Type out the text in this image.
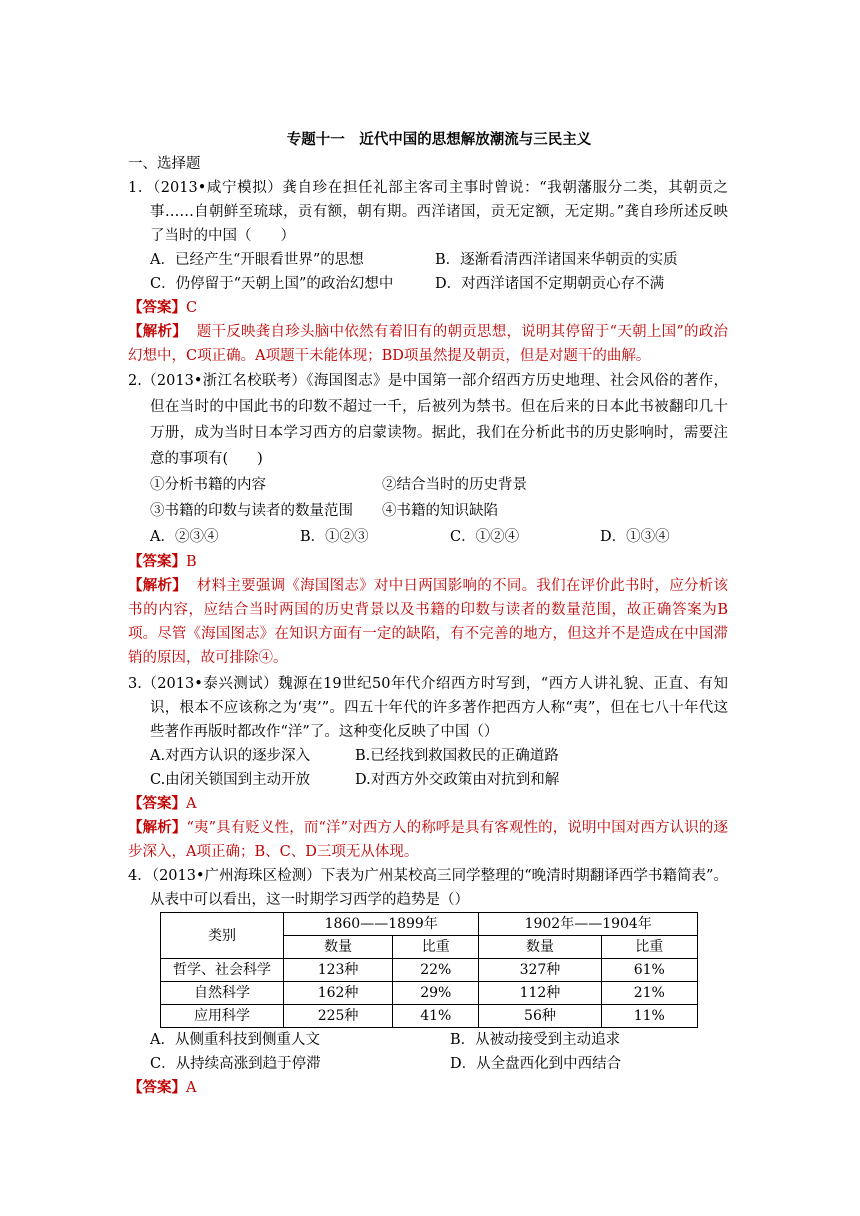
专题十一　近代中国的思想解放潮流与三民主义
一、选择题
1．（2013•咸宁模拟）龚自珍在担任礼部主客司主事时曾说：“我朝藩服分二类，其朝贡之事……自朝鲜至琉球，贡有额，朝有期。西洋诸国，贡无定额，无定期。”龚自珍所述反映了当时的中国（　　）
A．已经产生“开眼看世界”的思想	B．逐渐看清西洋诸国来华朝贡的实质
C．仍停留于“天朝上国”的政治幻想中	D．对西洋诸国不定期朝贡心存不满
【答案】C
【解析】 题干反映龚自珍头脑中依然有着旧有的朝贡思想，说明其停留于“天朝上国”的政治幻想中，C项正确。A项题干未能体现；BD项虽然提及朝贡，但是对题干的曲解。
2.（2013•浙江名校联考）《海国图志》是中国第一部介绍西方历史地理、社会风俗的著作，但在当时的中国此书的印数不超过一千，后被列为禁书。但在后来的日本此书被翻印几十万册，成为当时日本学习西方的启蒙读物。据此，我们在分析此书的历史影响时，需要注意的事项有(　　)
①分析书籍的内容	②结合当时的历史背景
③书籍的印数与读者的数量范围	④书籍的知识缺陷
A．②③④	B．①②③	C．①②④	D．①③④
【答案】B
【解析】 材料主要强调《海国图志》对中日两国影响的不同。我们在评价此书时，应分析该书的内容，应结合当时两国的历史背景以及书籍的印数与读者的数量范围，故正确答案为B项。尽管《海国图志》在知识方面有一定的缺陷，有不完善的地方，但这并不是造成在中国滞销的原因，故可排除④。
3.（2013•泰兴测试）魏源在19世纪50年代介绍西方时写到，“西方人讲礼貌、正直、有知识，根本不应该称之为‘夷’”。四五十年代的许多著作把西方人称“夷”，但在七八十年代这些著作再版时都改作“洋”了。这种变化反映了中国（）
A.对西方认识的逐步深入	B.已经找到救国救民的正确道路
C.由闭关锁国到主动开放	D.对西方外交政策由对抗到和解
【答案】A
【解析】“夷”具有贬义性，而“洋”对西方人的称呼是具有客观性的，说明中国对西方认识的逐步深入，A项正确；B、C、D三项无从体现。
4．（2013•广州海珠区检测）下表为广州某校高三同学整理的“晚清时期翻译西学书籍简表”。从表中可以看出，这一时期学习西学的趋势是（）
类别	1860——1899年		1902年——1904年	
	数量	比重	数量	比重
哲学、社会科学	123种	22%	327种	61%
自然科学	162种	29%	112种	21%
应用科学	225种	41%	56种	11%
A．从侧重科技到侧重人文	B．从被动接受到主动追求
C．从持续高涨到趋于停滞	D．从全盘西化到中西结合
【答案】A
